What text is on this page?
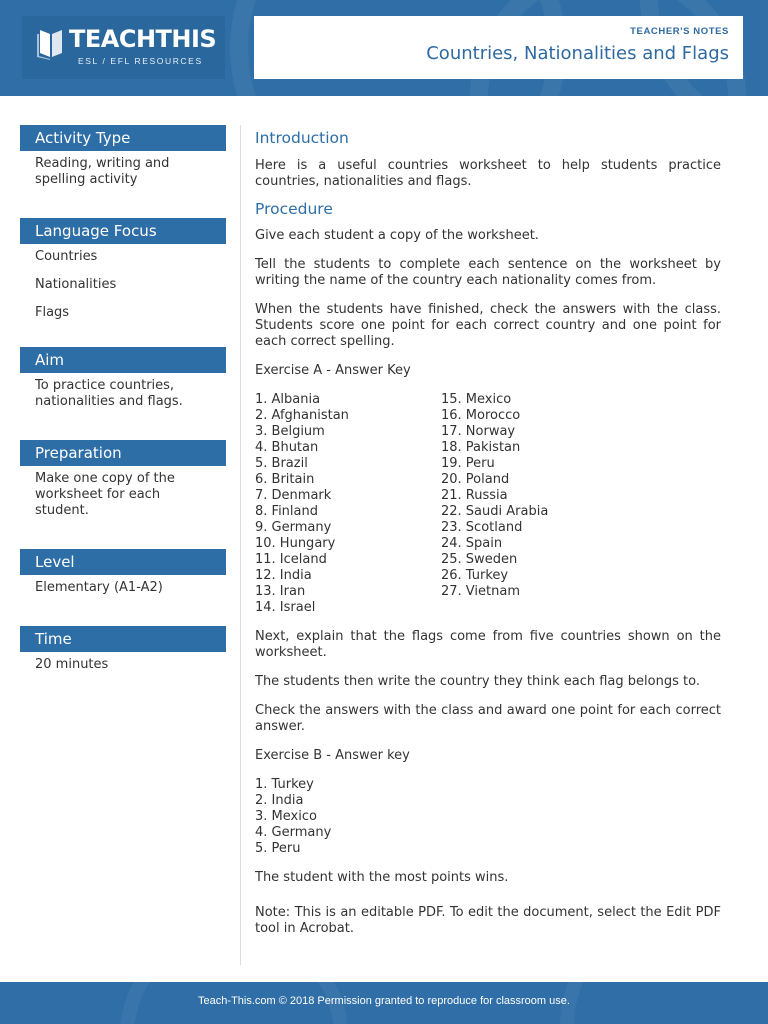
TEACHTHIS
ESL / EFL RESOURCES
TEACHER'S NOTES
Countries, Nationalities and Flags
Activity Type
Reading, writing and spelling activity
Language Focus
Countries
Nationalities
Flags
Aim
To practice countries, nationalities and flags.
Preparation
Make one copy of the worksheet for each student.
Level
Elementary (A1-A2)
Time
20 minutes
Introduction

Here is a useful countries worksheet to help students practice countries, nationalities and flags.

Procedure

Give each student a copy of the worksheet.

Tell the students to complete each sentence on the worksheet by writing the name of the country each nationality comes from.

When the students have finished, check the answers with the class. Students score one point for each correct country and one point for each correct spelling.

Exercise A - Answer Key

1. Albania
2. Afghanistan
3. Belgium
4. Bhutan
5. Brazil
6. Britain
7. Denmark
8. Finland
9. Germany
10. Hungary
11. Iceland
12. India
13. Iran
14. Israel
15. Mexico
16. Morocco
17. Norway
18. Pakistan
19. Peru
20. Poland
21. Russia
22. Saudi Arabia
23. Scotland
24. Spain
25. Sweden
26. Turkey
27. Vietnam

Next, explain that the flags come from five countries shown on the worksheet.

The students then write the country they think each flag belongs to.

Check the answers with the class and award one point for each correct answer.

Exercise B - Answer key

1. Turkey
2. India
3. Mexico
4. Germany
5. Peru

The student with the most points wins.

Note: This is an editable PDF. To edit the document, select the Edit PDF tool in Acrobat.

Teach-This.com © 2018 Permission granted to reproduce for classroom use.
